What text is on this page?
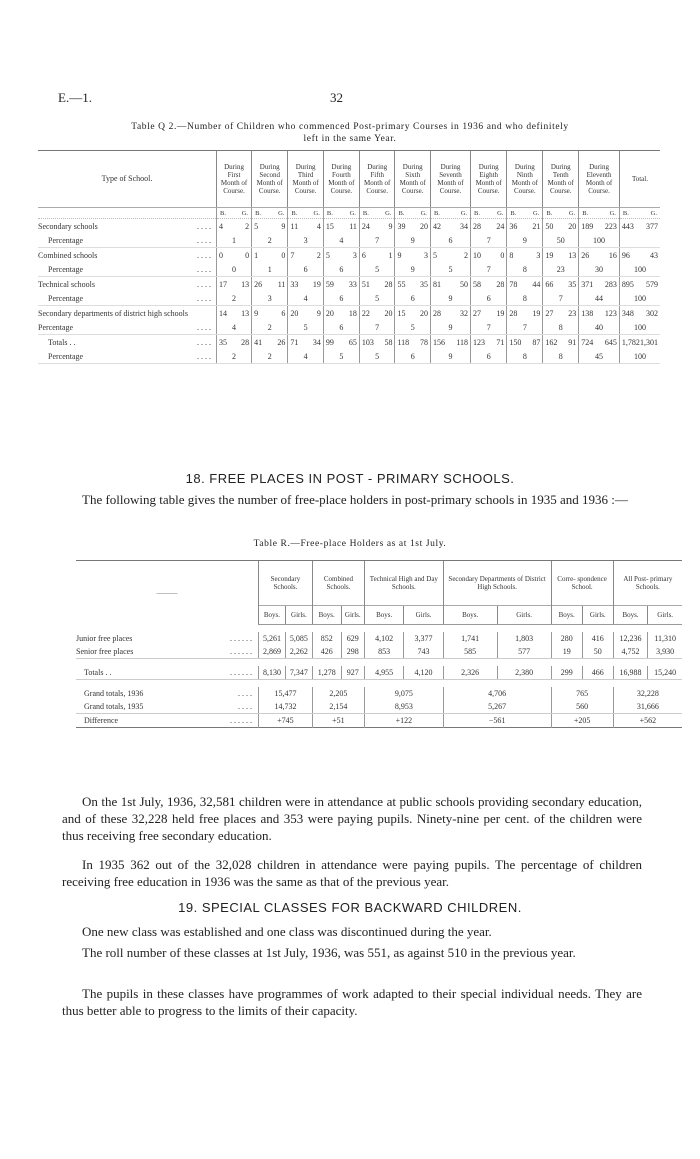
E.—1.	32
Table Q 2.—Number of Children who commenced Post-primary Courses in 1936 and who definitely
left in the same Year.
Type of School.	During First Month of Course.	During Second Month of Course.	During Third Month of Course.	During Fourth Month of Course.	During Fifth Month of Course.	During Sixth Month of Course.	During Seventh Month of Course.	During Eighth Month of Course.	During Ninth Month of Course.	During Tenth Month of Course.	During Eleventh Month of Course.	Total.

	B. G.	B. G.	B. G.	B. G.	B. G.	B. G.	B. G.	B. G.	B. G.	B. G.	B. G.	B. G.

Secondary schools . . . .	4 2	5 9	11 4	15 11	24 9	39 20	42 34	28 24	36 21	50 20	189 223	443 377

Percentage . . . .	1	2	3	4	7	9	6	7	9	50	100	
Combined schools . . . .	0 0	1 0	7 2	5 3	6 1	9 3	5 2	10 0	8 3	19 13	26 16	96 43

Percentage . . . .	0	1	6	6	5	9	5	7	8	23	30	100
Technical schools . . . .	17 13	26 11	33 19	59 33	51 28	55 35	81 50	58 28	78 44	66 35	371 283	895 579

Percentage . . . .	2	3	4	6	5	6	9	6	8	7	44	100
Secondary departments of district high schools	14 13	9 6	20 9	20 18	22 20	15 20	28 32	27 19	28 19	27 23	138 123	348 302

Percentage . . . .	4	2	5	6	7	5	9	7	7	8	40	100
Totals . . . . . .	35 28	41 26	71 34	99 65	103 58	118 78	156 118	123 71	150 87	162 91	724 645	1,782 1,301

Percentage . . . .	2	2	4	5	5	6	9	6	8	8	45	100

18. FREE PLACES IN POST - PRIMARY SCHOOLS.
The following table gives the number of free-place holders in post-primary schools in 1935 and 1936 :—
Table R.—Free-place Holders as at 1st July.
———	Secondary Schools.		Combined Schools.		Technical High and Day Schools.		Secondary Departments of District High Schools.		Corre- spondence School.		All Post- primary Schools.	
	Boys.	Girls.	Boys.	Girls.	Boys.	Girls.	Boys.	Girls.	Boys.	Girls.	Boys.	Girls.

Junior free places . . . . . .	5,261	5,085	852	629	4,102	3,377	1,741	1,803	280	416	12,236	11,310
Senior free places . . . . . .	2,869	2,262	426	298	853	743	585	577	19	50	4,752	3,930

Totals . . . . . . . .	8,130	7,347	1,278	927	4,955	4,120	2,326	2,380	299	466	16,988	15,240

Grand totals, 1936 . . . .	15,477		2,205		9,075		4,706		765		32,228	
Grand totals, 1935 . . . .	14,732		2,154		8,953		5,267		560		31,666	
Difference . . . . . .	+745		+51		+122		−561		+205		+562	

On the 1st July, 1936, 32,581 children were in attendance at public schools providing secondary education, and of these 32,228 held free places and 353 were paying pupils. Ninety-nine per cent. of the children were thus receiving free secondary education.
In 1935 362 out of the 32,028 children in attendance were paying pupils. The percentage of children receiving free education in 1936 was the same as that of the previous year.
19. SPECIAL CLASSES FOR BACKWARD CHILDREN.
One new class was established and one class was discontinued during the year.
The roll number of these classes at 1st July, 1936, was 551, as against 510 in the previous year.
The pupils in these classes have programmes of work adapted to their special individual needs. They are thus better able to progress to the limits of their capacity.
